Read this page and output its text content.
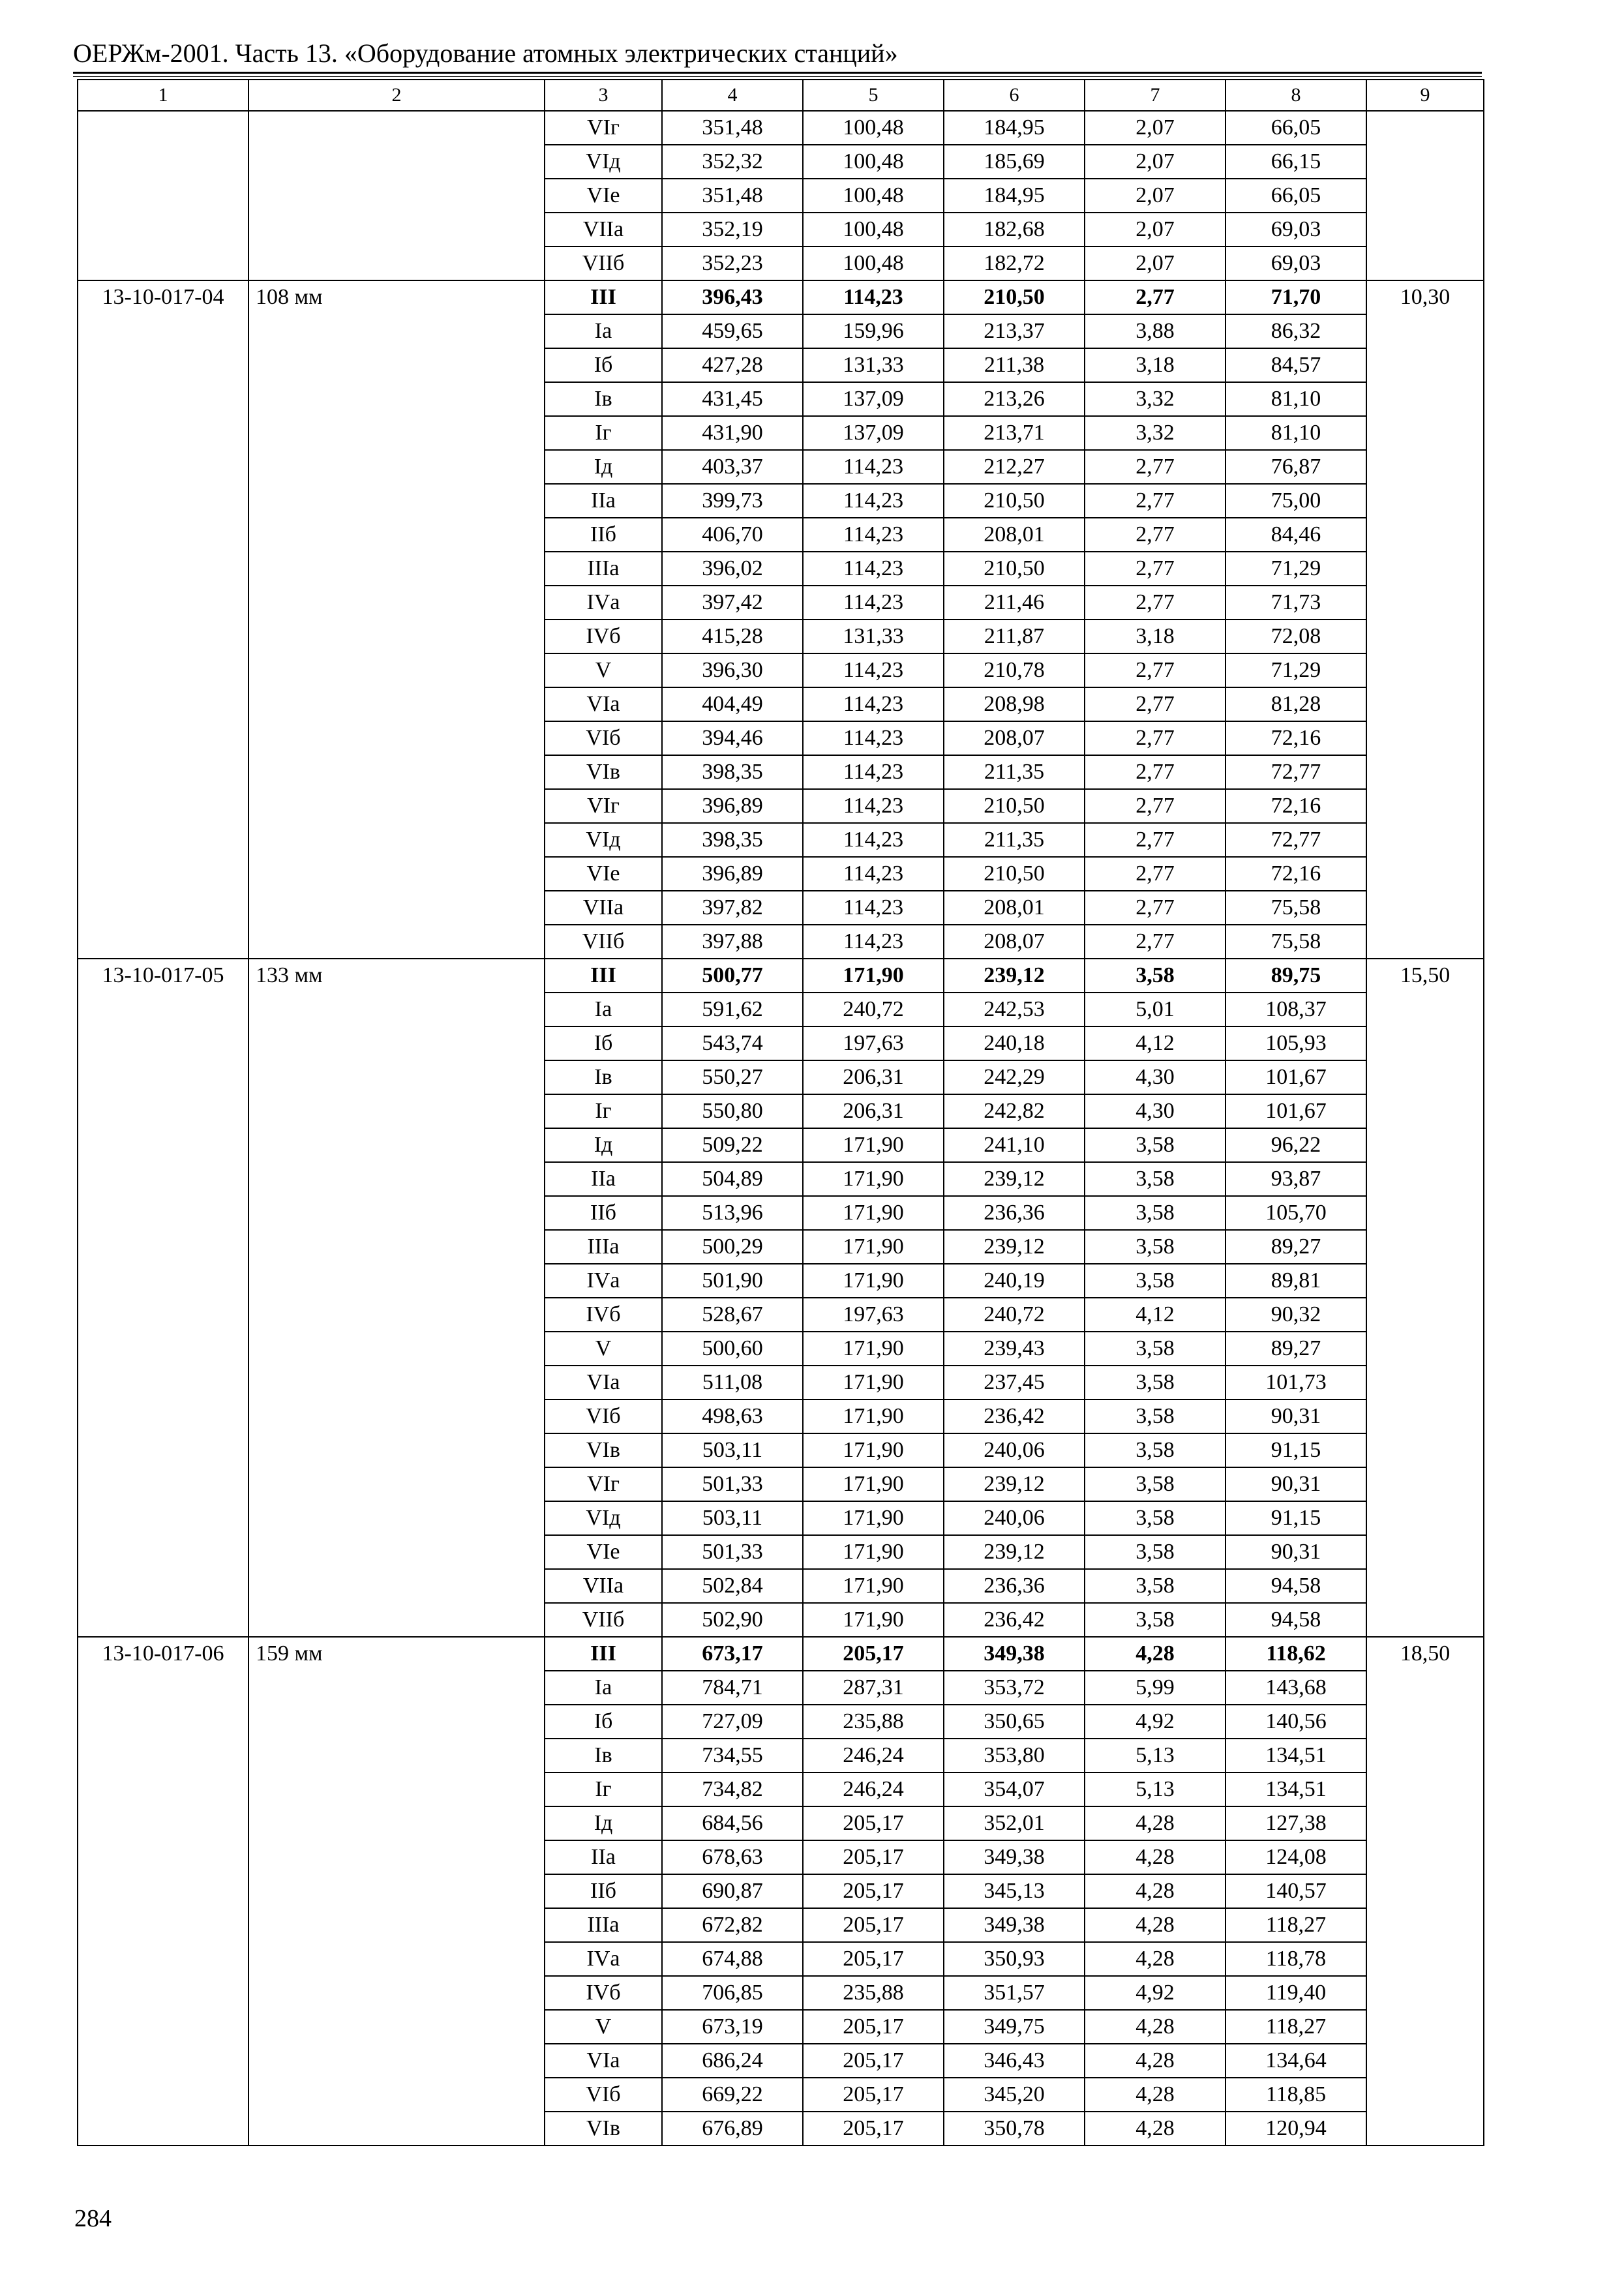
ОЕРЖм-2001. Часть 13. «Оборудование атомных электрических станций»
1	2	3	4	5	6	7	8	9
		VIг	351,48	100,48	184,95	2,07	66,05	
		VIд	352,32	100,48	185,69	2,07	66,15	
		VIе	351,48	100,48	184,95	2,07	66,05	
		VIIа	352,19	100,48	182,68	2,07	69,03	
		VIIб	352,23	100,48	182,72	2,07	69,03	
13-10-017-04	108 мм	III	396,43	114,23	210,50	2,77	71,70	10,30
		Iа	459,65	159,96	213,37	3,88	86,32	
		Iб	427,28	131,33	211,38	3,18	84,57	
		Iв	431,45	137,09	213,26	3,32	81,10	
		Iг	431,90	137,09	213,71	3,32	81,10	
		Iд	403,37	114,23	212,27	2,77	76,87	
		IIа	399,73	114,23	210,50	2,77	75,00	
		IIб	406,70	114,23	208,01	2,77	84,46	
		IIIа	396,02	114,23	210,50	2,77	71,29	
		IVа	397,42	114,23	211,46	2,77	71,73	
		IVб	415,28	131,33	211,87	3,18	72,08	
		V	396,30	114,23	210,78	2,77	71,29	
		VIа	404,49	114,23	208,98	2,77	81,28	
		VIб	394,46	114,23	208,07	2,77	72,16	
		VIв	398,35	114,23	211,35	2,77	72,77	
		VIг	396,89	114,23	210,50	2,77	72,16	
		VIд	398,35	114,23	211,35	2,77	72,77	
		VIе	396,89	114,23	210,50	2,77	72,16	
		VIIа	397,82	114,23	208,01	2,77	75,58	
		VIIб	397,88	114,23	208,07	2,77	75,58	
13-10-017-05	133 мм	III	500,77	171,90	239,12	3,58	89,75	15,50
		Iа	591,62	240,72	242,53	5,01	108,37	
		Iб	543,74	197,63	240,18	4,12	105,93	
		Iв	550,27	206,31	242,29	4,30	101,67	
		Iг	550,80	206,31	242,82	4,30	101,67	
		Iд	509,22	171,90	241,10	3,58	96,22	
		IIа	504,89	171,90	239,12	3,58	93,87	
		IIб	513,96	171,90	236,36	3,58	105,70	
		IIIа	500,29	171,90	239,12	3,58	89,27	
		IVа	501,90	171,90	240,19	3,58	89,81	
		IVб	528,67	197,63	240,72	4,12	90,32	
		V	500,60	171,90	239,43	3,58	89,27	
		VIа	511,08	171,90	237,45	3,58	101,73	
		VIб	498,63	171,90	236,42	3,58	90,31	
		VIв	503,11	171,90	240,06	3,58	91,15	
		VIг	501,33	171,90	239,12	3,58	90,31	
		VIд	503,11	171,90	240,06	3,58	91,15	
		VIе	501,33	171,90	239,12	3,58	90,31	
		VIIа	502,84	171,90	236,36	3,58	94,58	
		VIIб	502,90	171,90	236,42	3,58	94,58	
13-10-017-06	159 мм	III	673,17	205,17	349,38	4,28	118,62	18,50
		Iа	784,71	287,31	353,72	5,99	143,68	
		Iб	727,09	235,88	350,65	4,92	140,56	
		Iв	734,55	246,24	353,80	5,13	134,51	
		Iг	734,82	246,24	354,07	5,13	134,51	
		Iд	684,56	205,17	352,01	4,28	127,38	
		IIа	678,63	205,17	349,38	4,28	124,08	
		IIб	690,87	205,17	345,13	4,28	140,57	
		IIIа	672,82	205,17	349,38	4,28	118,27	
		IVа	674,88	205,17	350,93	4,28	118,78	
		IVб	706,85	235,88	351,57	4,92	119,40	
		V	673,19	205,17	349,75	4,28	118,27	
		VIа	686,24	205,17	346,43	4,28	134,64	
		VIб	669,22	205,17	345,20	4,28	118,85	
		VIв	676,89	205,17	350,78	4,28	120,94	
284
